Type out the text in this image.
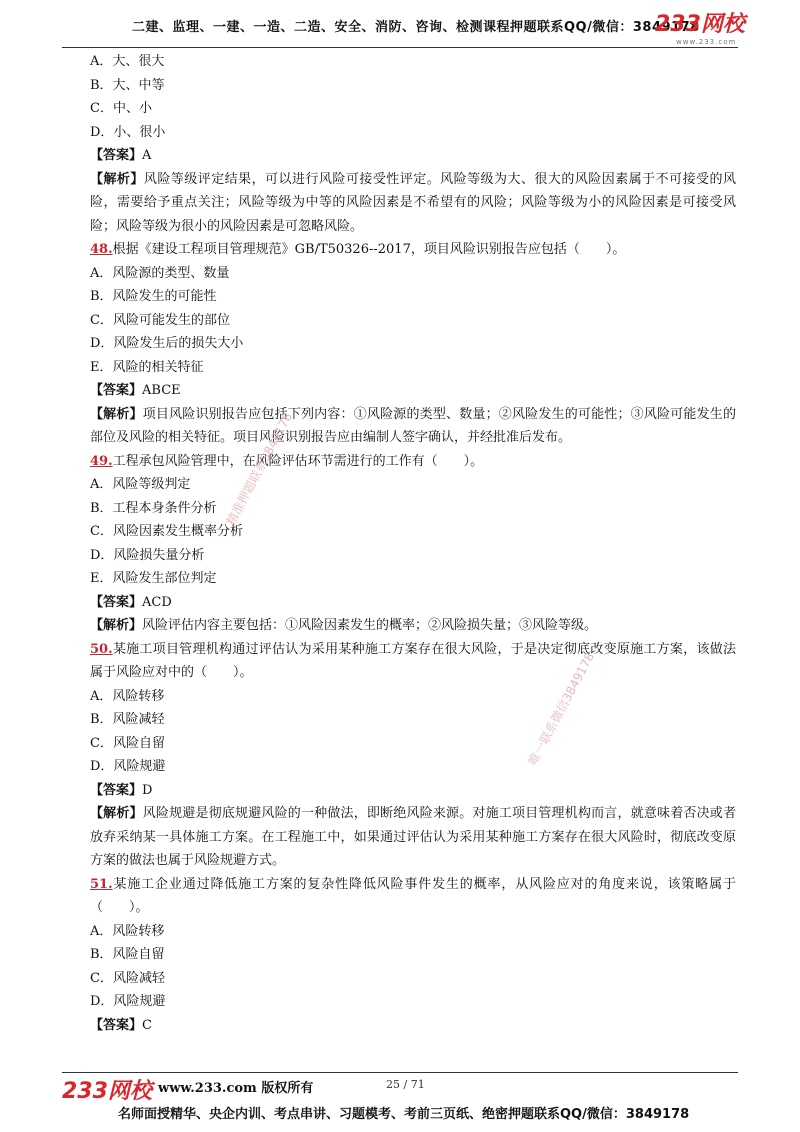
二建、监理、一建、一造、二造、安全、消防、咨询、检测课程押题联系QQ/微信：3849178
233网校
www.233.com

A．大、很大

B．大、中等

C．中、小

D．小、很小

【答案】A

【解析】风险等级评定结果，可以进行风险可接受性评定。风险等级为大、很大的风险因素属于不可接受的风险，需要给予重点关注；风险等级为中等的风险因素是不希望有的风险；风险等级为小的风险因素是可接受风险；风险等级为很小的风险因素是可忽略风险。

48.根据《建设工程项目管理规范》GB/T50326--2017，项目风险识别报告应包括（　　）。

A．风险源的类型、数量

B．风险发生的可能性

C．风险可能发生的部位

D．风险发生后的损失大小

E．风险的相关特征

【答案】ABCE

【解析】项目风险识别报告应包括下列内容：①风险源的类型、数量；②风险发生的可能性；③风险可能发生的部位及风险的相关特征。项目风险识别报告应由编制人签字确认，并经批准后发布。

49.工程承包风险管理中，在风险评估环节需进行的工作有（　　）。

A．风险等级判定

B．工程本身条件分析

C．风险因素发生概率分析

D．风险损失量分析

E．风险发生部位判定

【答案】ACD

【解析】风险评估内容主要包括：①风险因素发生的概率；②风险损失量；③风险等级。

50.某施工项目管理机构通过评估认为采用某种施工方案存在很大风险，于是决定彻底改变原施工方案，该做法属于风险应对中的（　　）。

A．风险转移

B．风险减轻

C．风险自留

D．风险规避

【答案】D

【解析】风险规避是彻底规避风险的一种做法，即断绝风险来源。对施工项目管理机构而言，就意味着否决或者放弃采纳某一具体施工方案。在工程施工中，如果通过评估认为采用某种施工方案存在很大风险时，彻底改变原方案的做法也属于风险规避方式。

51.某施工企业通过降低施工方案的复杂性降低风险事件发生的概率，从风险应对的角度来说，该策略属于（　　）。

A．风险转移

B．风险自留

C．风险减轻

D．风险规避

【答案】C

精准押题联系3849178
唯一联系微信3849178
233网校 www.233.com 版权所有	25 / 71
名师面授精华、央企内训、考点串讲、习题模考、考前三页纸、绝密押题联系QQ/微信：3849178
